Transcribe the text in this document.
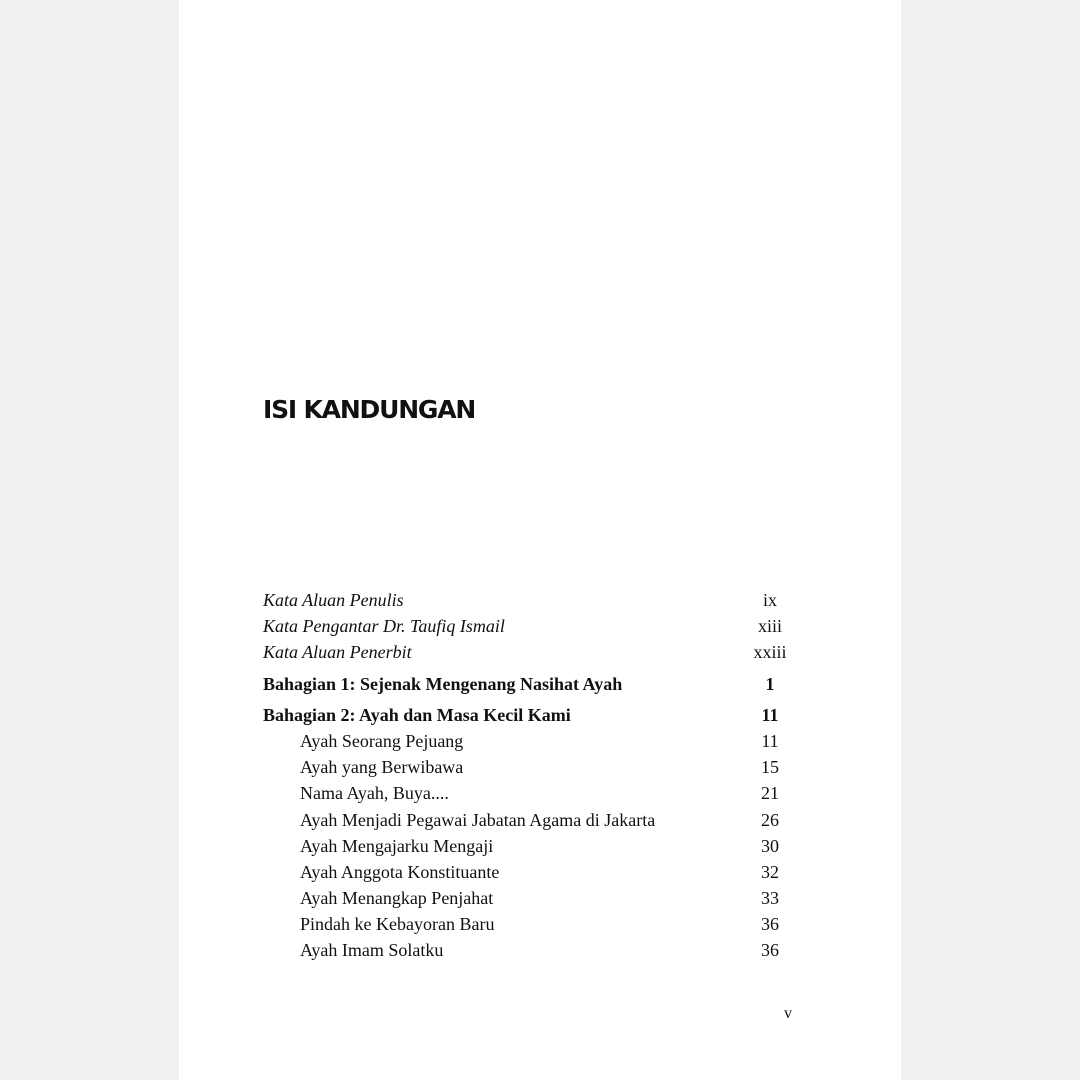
ISI KANDUNGAN
Kata Aluan Penulis	ix
Kata Pengantar Dr. Taufiq Ismail	xiii
Kata Aluan Penerbit	xxiii
Bahagian 1: Sejenak Mengenang Nasihat Ayah	1
Bahagian 2: Ayah dan Masa Kecil Kami	11
Ayah Seorang Pejuang	11
Ayah yang Berwibawa	15
Nama Ayah, Buya....	21
Ayah Menjadi Pegawai Jabatan Agama di Jakarta	26
Ayah Mengajarku Mengaji	30
Ayah Anggota Konstituante	32
Ayah Menangkap Penjahat	33
Pindah ke Kebayoran Baru	36
Ayah Imam Solatku	36
v
